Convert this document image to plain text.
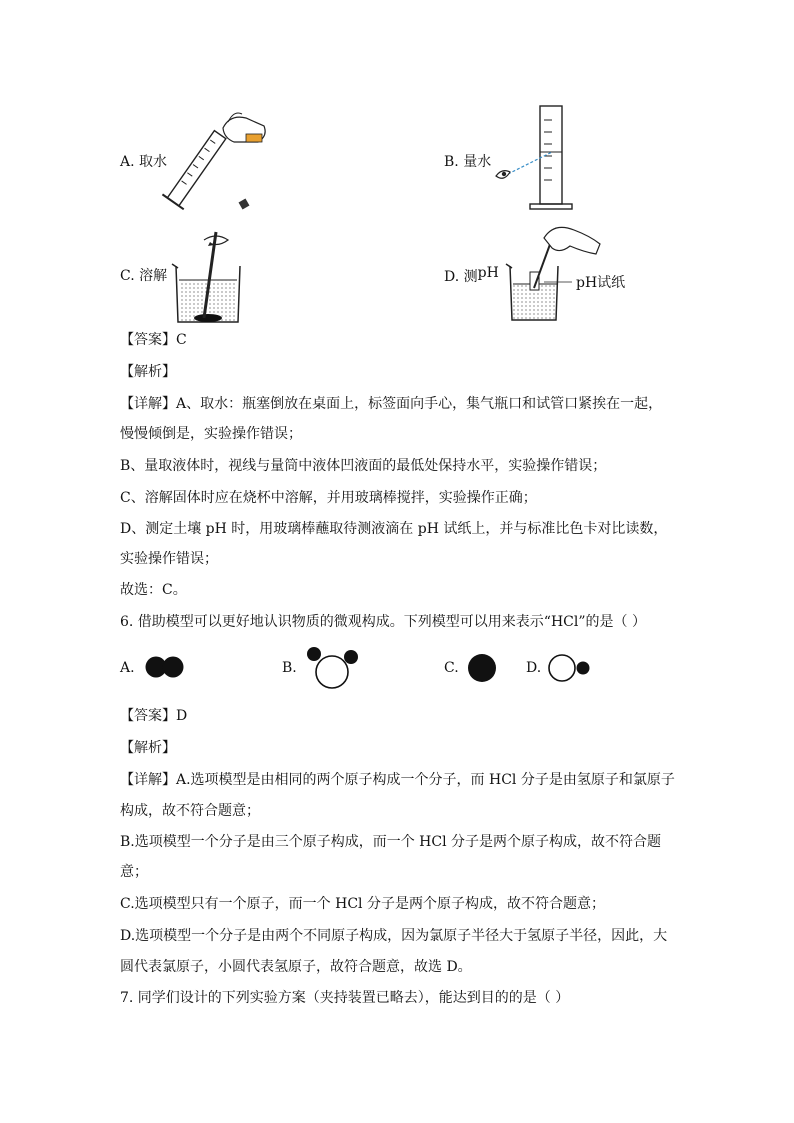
A. 取水	B. 量水
C. 溶解	D. 测pH
pH试纸
【答案】C
【解析】
【详解】A、取水：瓶塞倒放在桌面上，标签面向手心，集气瓶口和试管口紧挨在一起，
慢慢倾倒是，实验操作错误；
B、量取液体时，视线与量筒中液体凹液面的最低处保持水平，实验操作错误；
C、溶解固体时应在烧杯中溶解，并用玻璃棒搅拌，实验操作正确；
D、测定土壤 pH 时，用玻璃棒蘸取待测液滴在 pH 试纸上，并与标准比色卡对比读数，
实验操作错误；
故选：C。
6. 借助模型可以更好地认识物质的微观构成。下列模型可以用来表示“HCl”的是（ ）
A.	B.	C.	D.
【答案】D
【解析】
【详解】A.选项模型是由相同的两个原子构成一个分子，而 HCl 分子是由氢原子和氯原子
构成，故不符合题意；
B.选项模型一个分子是由三个原子构成，而一个 HCl 分子是两个原子构成，故不符合题
意；
C.选项模型只有一个原子，而一个 HCl 分子是两个原子构成，故不符合题意；
D.选项模型一个分子是由两个不同原子构成，因为氯原子半径大于氢原子半径，因此，大
圆代表氯原子，小圆代表氢原子，故符合题意，故选 D。
7. 同学们设计的下列实验方案（夹持装置已略去），能达到目的的是（ ）
